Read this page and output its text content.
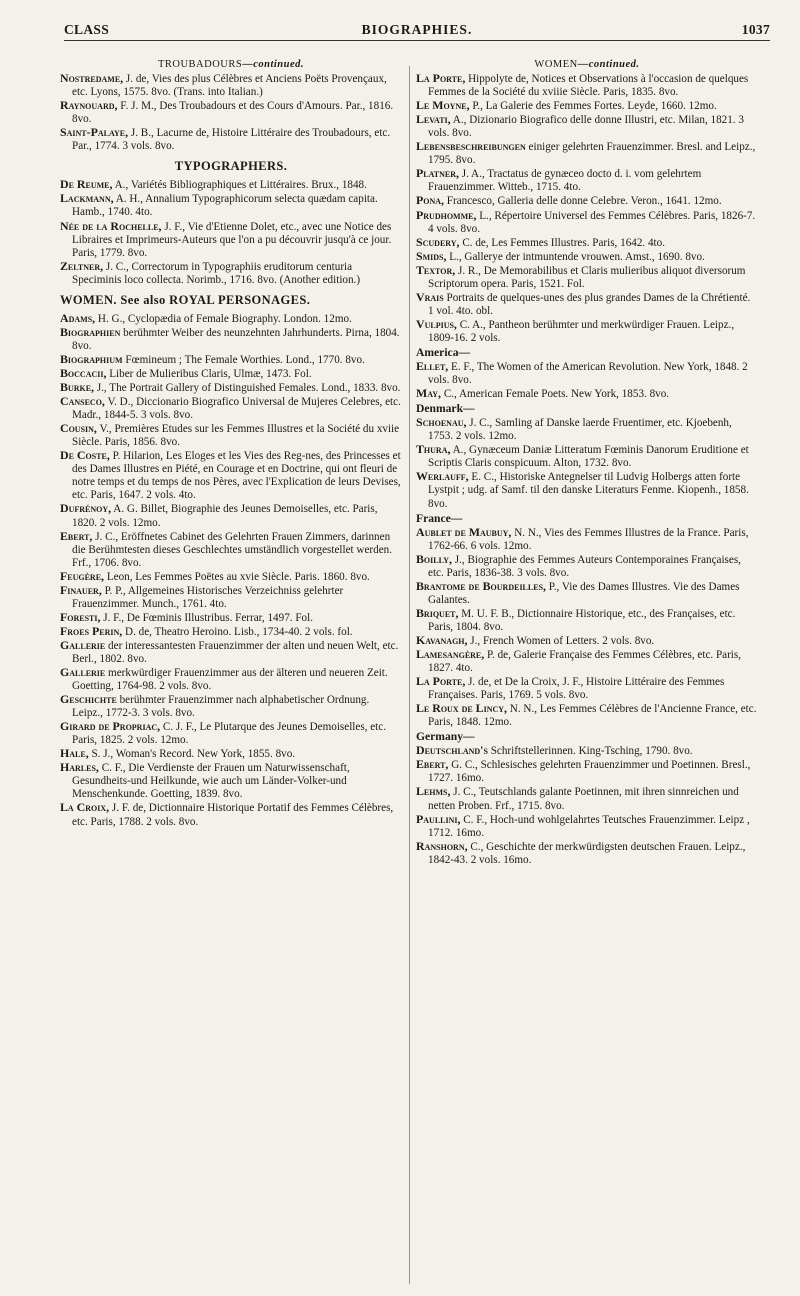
CLASS	BIOGRAPHIES.	1037
TROUBADOURS—continued.

Nostredame, J. de, Vies des plus Célèbres et Anciens Poëts Provençaux, etc. Lyons, 1575. 8vo. (Trans. into Italian.)

Raynouard, F. J. M., Des Troubadours et des Cours d'Amours. Par., 1816. 8vo.

Saint-Palaye, J. B., Lacurne de, Histoire Littéraire des Troubadours, etc. Par., 1774. 3 vols. 8vo.

TYPOGRAPHERS.

De Reume, A., Variétés Bibliographiques et Littéraires. Brux., 1848.

Lackmann, A. H., Annalium Typographicorum selecta quædam capita. Hamb., 1740. 4to.

Née de la Rochelle, J. F., Vie d'Etienne Dolet, etc., avec une Notice des Libraires et Imprimeurs-Auteurs que l'on a pu découvrir jusqu'à ce jour. Paris, 1779. 8vo.

Zeltner, J. C., Correctorum in Typographiis eruditorum centuria Speciminis loco collecta. Norimb., 1716. 8vo. (Another edition.)

WOMEN. See also ROYAL PERSONAGES.

Adams, H. G., Cyclopædia of Female Biography. London. 12mo.

Biographien berühmter Weiber des neunzehnten Jahrhunderts. Pirna, 1804. 8vo.

Biographium Fœmineum ; The Female Worthies. Lond., 1770. 8vo.

Boccacii, Liber de Mulieribus Claris, Ulmæ, 1473. Fol.

Burke, J., The Portrait Gallery of Distinguished Females. Lond., 1833. 8vo.

Canseco, V. D., Diccionario Biografico Universal de Mujeres Celebres, etc. Madr., 1844-5. 3 vols. 8vo.

Cousin, V., Premières Etudes sur les Femmes Illustres et la Société du xviie Siècle. Paris, 1856. 8vo.

De Coste, P. Hilarion, Les Eloges et les Vies des Reg-nes, des Princesses et des Dames Illustres en Piété, en Courage et en Doctrine, qui ont fleuri de notre temps et du temps de nos Pères, avec l'Explication de leurs Devises, etc. Paris, 1647. 2 vols. 4to.

Dufrénoy, A. G. Billet, Biographie des Jeunes Demoiselles, etc. Paris, 1820. 2 vols. 12mo.

Ebert, J. C., Eröffnetes Cabinet des Gelehrten Frauen Zimmers, darinnen die Berühmtesten dieses Geschlechtes umständlich vorgestellet werden. Frf., 1706. 8vo.

Feugère, Leon, Les Femmes Poëtes au xvie Siècle. Paris. 1860. 8vo.

Finauer, P. P., Allgemeines Historisches Verzeichniss gelehrter Frauenzimmer. Munch., 1761. 4to.

Foresti, J. F., De Fœminis Illustribus. Ferrar, 1497. Fol.

Froes Perin, D. de, Theatro Heroino. Lisb., 1734-40. 2 vols. fol.

Gallerie der interessantesten Frauenzimmer der alten und neuen Welt, etc. Berl., 1802. 8vo.

Gallerie merkwürdiger Frauenzimmer aus der älteren und neueren Zeit. Goetting, 1764-98. 2 vols. 8vo.

Geschichte berühmter Frauenzimmer nach alphabetischer Ordnung. Leipz., 1772-3. 3 vols. 8vo.

Girard de Propriac, C. J. F., Le Plutarque des Jeunes Demoiselles, etc. Paris, 1825. 2 vols. 12mo.

Hale, S. J., Woman's Record. New York, 1855. 8vo.

Harles, C. F., Die Verdienste der Frauen um Naturwissenschaft, Gesundheits-und Heilkunde, wie auch um Länder-Volker-und Menschenkunde. Goetting, 1839. 8vo.

La Croix, J. F. de, Dictionnaire Historique Portatif des Femmes Célèbres, etc. Paris, 1788. 2 vols. 8vo.

WOMEN—continued.

La Porte, Hippolyte de, Notices et Observations à l'occasion de quelques Femmes de la Société du xviiie Siècle. Paris, 1835. 8vo.

Le Moyne, P., La Galerie des Femmes Fortes. Leyde, 1660. 12mo.

Levati, A., Dizionario Biografico delle donne Illustri, etc. Milan, 1821. 3 vols. 8vo.

Lebensbeschreibungen einiger gelehrten Frauenzimmer. Bresl. and Leipz., 1795. 8vo.

Platner, J. A., Tractatus de gynæceo docto d. i. vom gelehrtem Frauenzimmer. Witteb., 1715. 4to.

Pona, Francesco, Galleria delle donne Celebre. Veron., 1641. 12mo.

Prudhomme, L., Répertoire Universel des Femmes Célèbres. Paris, 1826-7. 4 vols. 8vo.

Scudery, C. de, Les Femmes Illustres. Paris, 1642. 4to.

Smids, L., Gallerye der intmuntende vrouwen. Amst., 1690. 8vo.

Textor, J. R., De Memorabilibus et Claris mulieribus aliquot diversorum Scriptorum opera. Paris, 1521. Fol.

Vrais Portraits de quelques-unes des plus grandes Dames de la Chrétienté. 1 vol. 4to. obl.

Vulpius, C. A., Pantheon berühmter und merkwürdiger Frauen. Leipz., 1809-16. 2 vols.

America—

Ellet, E. F., The Women of the American Revolution. New York, 1848. 2 vols. 8vo.

May, C., American Female Poets. New York, 1853. 8vo.

Denmark—

Schoenau, J. C., Samling af Danske laerde Fruentimer, etc. Kjoebenh, 1753. 2 vols. 12mo.

Thura, A., Gynæceum Daniæ Litteratum Fœminis Danorum Eruditione et Scriptis Claris conspicuum. Alton, 1732. 8vo.

Werlauff, E. C., Historiske Antegnelser til Ludvig Holbergs atten forte Lystpit ; udg. af Samf. til den danske Literaturs Fenme. Kiopenh., 1858. 8vo.

France—

Aublet de Maubuy, N. N., Vies des Femmes Illustres de la France. Paris, 1762-66. 6 vols. 12mo.

Boilly, J., Biographie des Femmes Auteurs Contemporaines Françaises, etc. Paris, 1836-38. 3 vols. 8vo.

Brantome de Bourdeilles, P., Vie des Dames Illustres. Vie des Dames Galantes.

Briquet, M. U. F. B., Dictionnaire Historique, etc., des Françaises, etc. Paris, 1804. 8vo.

Kavanagh, J., French Women of Letters. 2 vols. 8vo.

Lamesangère, P. de, Galerie Française des Femmes Célèbres, etc. Paris, 1827. 4to.

La Porte, J. de, et De la Croix, J. F., Histoire Littéraire des Femmes Françaises. Paris, 1769. 5 vols. 8vo.

Le Roux de Lincy, N. N., Les Femmes Célèbres de l'Ancienne France, etc. Paris, 1848. 12mo.

Germany—

Deutschland's Schriftstellerinnen. King-Tsching, 1790. 8vo.

Ebert, G. C., Schlesisches gelehrten Frauenzimmer und Poetinnen. Bresl., 1727. 16mo.

Lehms, J. C., Teutschlands galante Poetinnen, mit ihren sinnreichen und netten Proben. Frf., 1715. 8vo.

Paullini, C. F., Hoch-und wohlgelahrtes Teutsches Frauenzimmer. Leipz , 1712. 16mo.

Ranshorn, C., Geschichte der merkwürdigsten deutschen Frauen. Leipz., 1842-43. 2 vols. 16mo.
